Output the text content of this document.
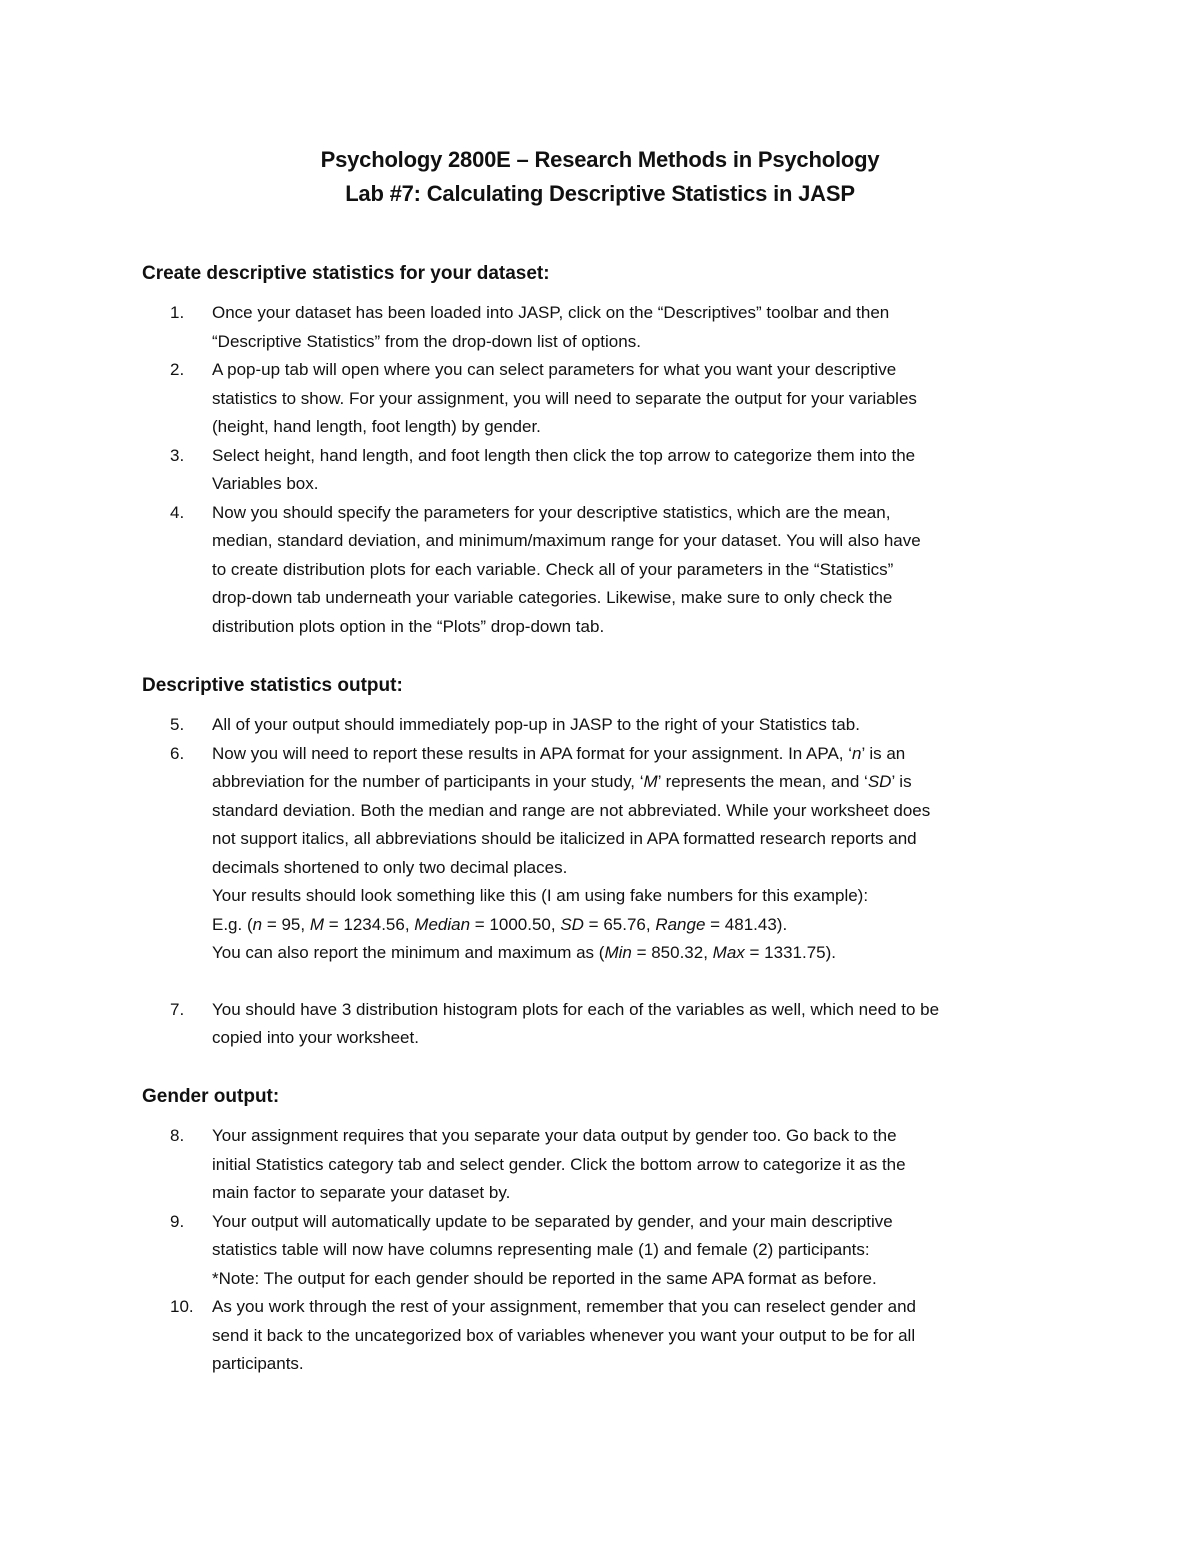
Psychology 2800E – Research Methods in Psychology
Lab #7: Calculating Descriptive Statistics in JASP
Create descriptive statistics for your dataset:
1.	Once your dataset has been loaded into JASP, click on the “Descriptives” toolbar and then
“Descriptive Statistics” from the drop-down list of options.
2.	A pop-up tab will open where you can select parameters for what you want your descriptive
statistics to show. For your assignment, you will need to separate the output for your variables
(height, hand length, foot length) by gender.
3.	Select height, hand length, and foot length then click the top arrow to categorize them into the
Variables box.
4.	Now you should specify the parameters for your descriptive statistics, which are the mean,
median, standard deviation, and minimum/maximum range for your dataset. You will also have
to create distribution plots for each variable. Check all of your parameters in the “Statistics”
drop-down tab underneath your variable categories. Likewise, make sure to only check the
distribution plots option in the “Plots” drop-down tab.
Descriptive statistics output:
5.	All of your output should immediately pop-up in JASP to the right of your Statistics tab.
6.	Now you will need to report these results in APA format for your assignment. In APA, ‘n’ is an
abbreviation for the number of participants in your study, ‘M’ represents the mean, and ‘SD’ is
standard deviation. Both the median and range are not abbreviated. While your worksheet does
not support italics, all abbreviations should be italicized in APA formatted research reports and
decimals shortened to only two decimal places.
Your results should look something like this (I am using fake numbers for this example):
E.g. (n = 95, M = 1234.56, Median = 1000.50, SD = 65.76, Range = 481.43).
You can also report the minimum and maximum as (Min = 850.32, Max = 1331.75).
7.	You should have 3 distribution histogram plots for each of the variables as well, which need to be
copied into your worksheet.
Gender output:
8.	Your assignment requires that you separate your data output by gender too. Go back to the
initial Statistics category tab and select gender. Click the bottom arrow to categorize it as the
main factor to separate your dataset by.
9.	Your output will automatically update to be separated by gender, and your main descriptive
statistics table will now have columns representing male (1) and female (2) participants:
*Note: The output for each gender should be reported in the same APA format as before.
10.	As you work through the rest of your assignment, remember that you can reselect gender and
send it back to the uncategorized box of variables whenever you want your output to be for all
participants.
